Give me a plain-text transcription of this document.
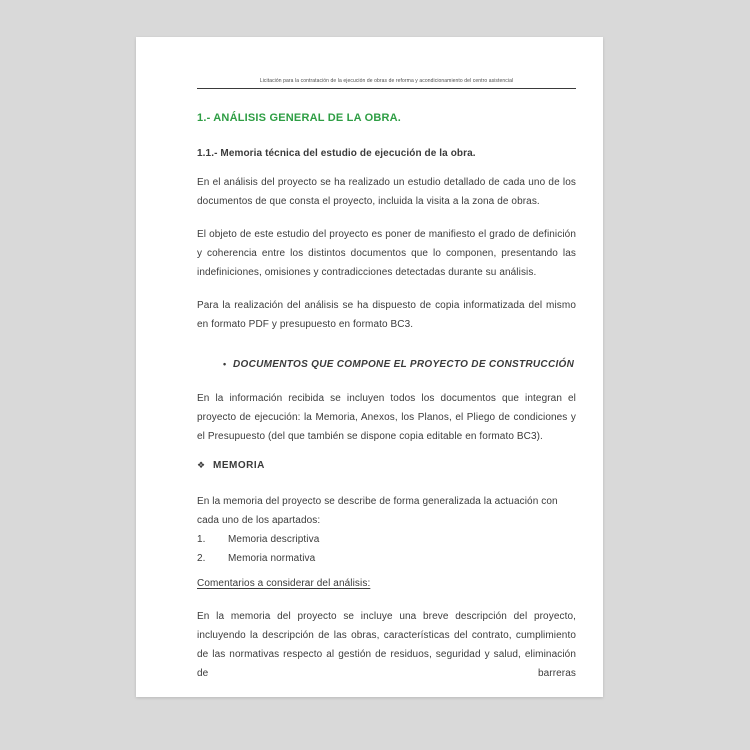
Licitación para la contratación de la ejecución de obras de reforma y acondicionamiento del centro asistencial
1.- ANÁLISIS GENERAL DE LA OBRA.
1.1.- Memoria técnica del estudio de ejecución de la obra.

En el análisis del proyecto se ha realizado un estudio detallado de cada uno de los documentos de que consta el proyecto, incluida la visita a la zona de obras.

El objeto de este estudio del proyecto es poner de manifiesto el grado de definición y coherencia entre los distintos documentos que lo componen, presentando las indefiniciones, omisiones y contradicciones detectadas durante su análisis.

Para la realización del análisis se ha dispuesto de copia informatizada del mismo en formato PDF y presupuesto en formato BC3.

• DOCUMENTOS QUE COMPONE EL PROYECTO DE CONSTRUCCIÓN

En la información recibida se incluyen todos los documentos que integran el proyecto de ejecución: la Memoria, Anexos, los Planos, el Pliego de condiciones y el Presupuesto (del que también se dispone copia editable en formato BC3).

❖ MEMORIA

En la memoria del proyecto se describe de forma generalizada la actuación con cada uno de los apartados:

1.	Memoria descriptiva
2.	Memoria normativa
Comentarios a considerar del análisis:

En la memoria del proyecto se incluye una breve descripción del proyecto, incluyendo la descripción de las obras, características del contrato, cumplimiento de las normativas respecto al gestión de residuos, seguridad y salud, eliminación de barreras
